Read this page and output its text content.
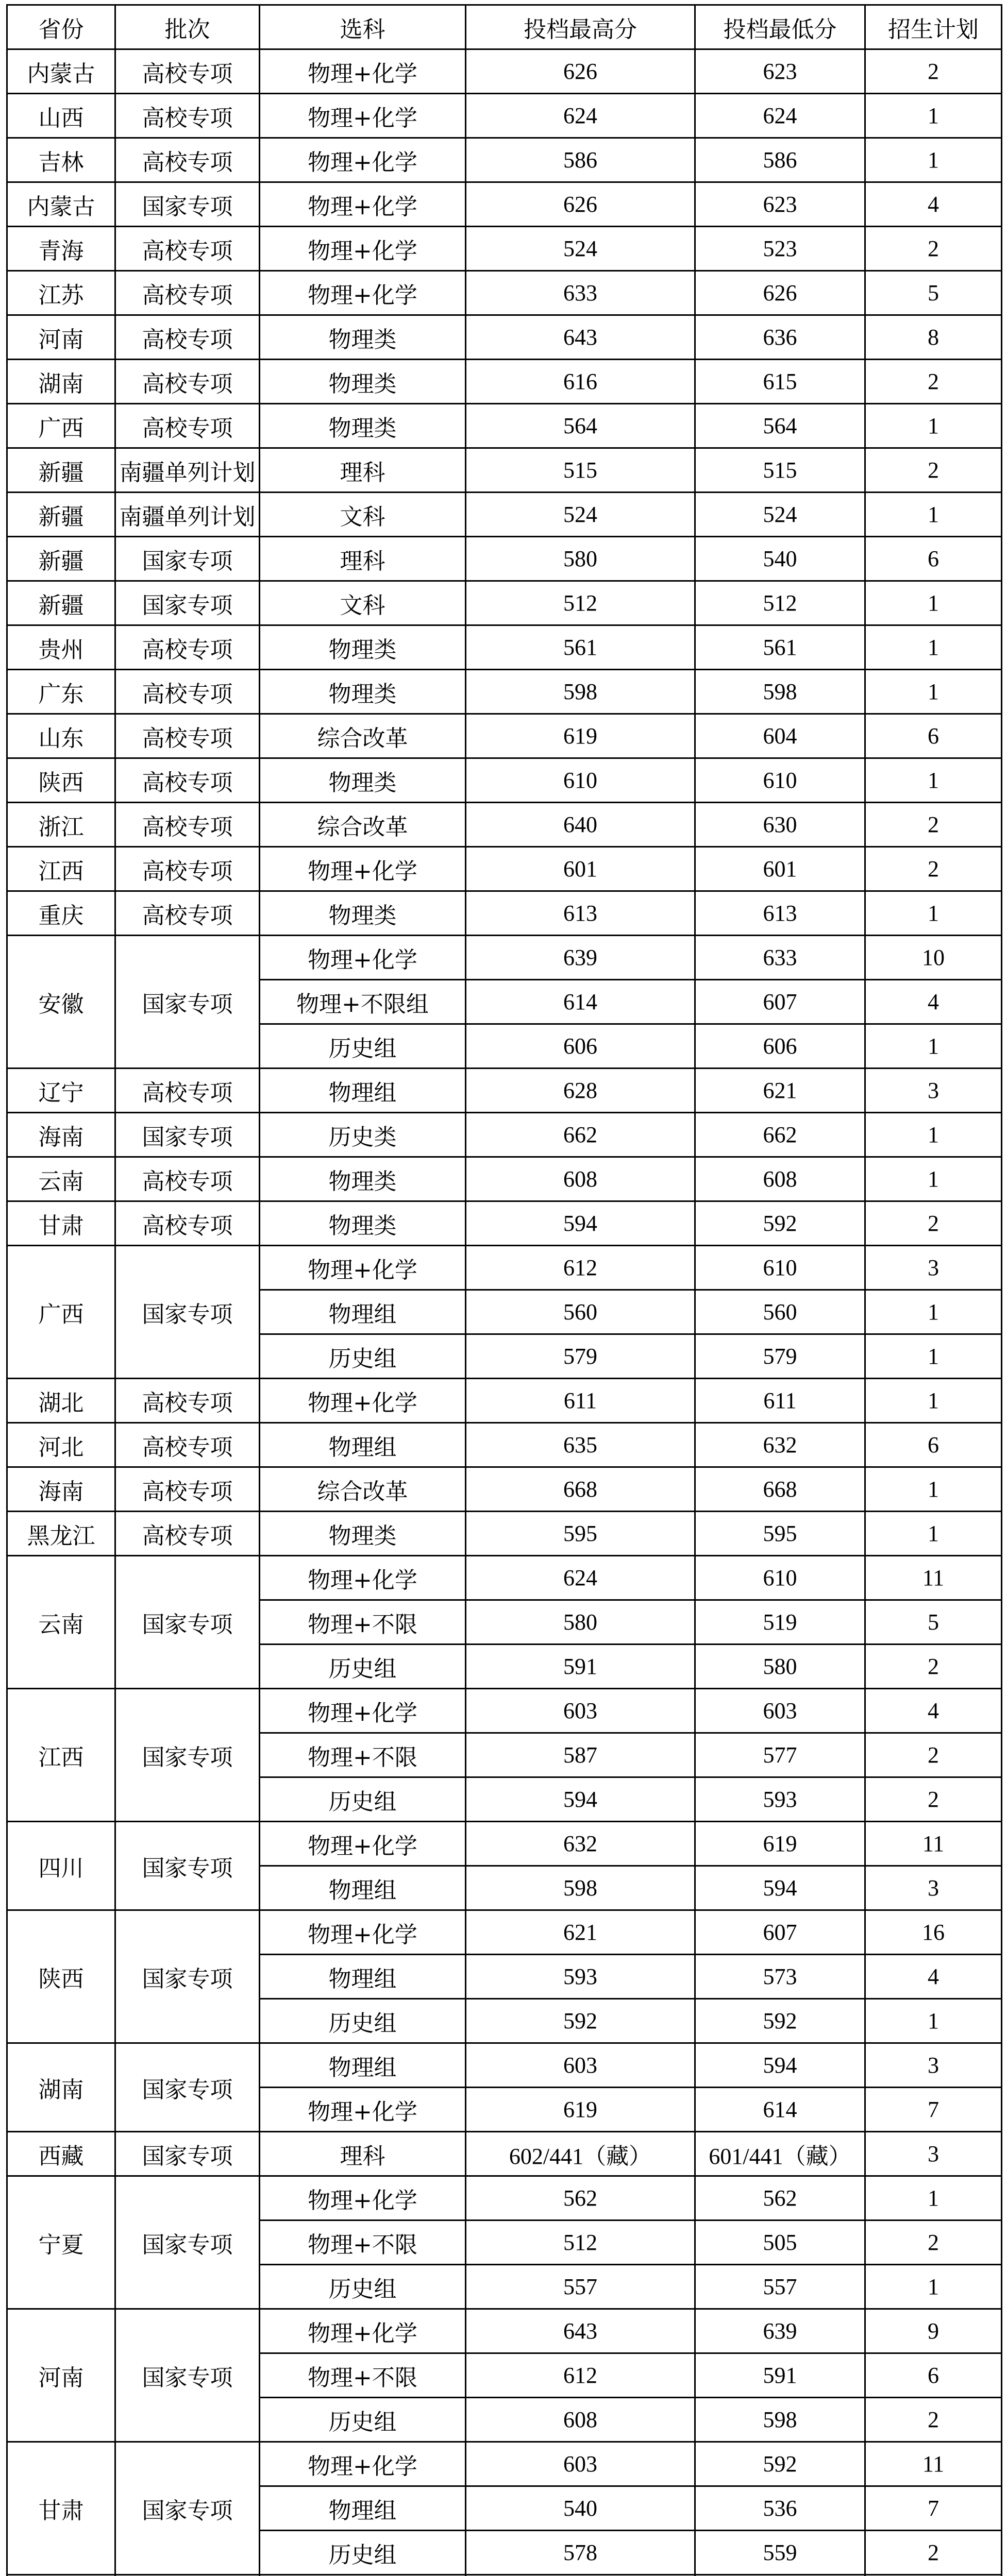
省份	批次	选科	投档最高分	投档最低分	招生计划
内蒙古	高校专项	物理+化学	626	623	2
山西	高校专项	物理+化学	624	624	1
吉林	高校专项	物理+化学	586	586	1
内蒙古	国家专项	物理+化学	626	623	4
青海	高校专项	物理+化学	524	523	2
江苏	高校专项	物理+化学	633	626	5
河南	高校专项	物理类	643	636	8
湖南	高校专项	物理类	616	615	2
广西	高校专项	物理类	564	564	1
新疆	南疆单列计划	理科	515	515	2
新疆	南疆单列计划	文科	524	524	1
新疆	国家专项	理科	580	540	6
新疆	国家专项	文科	512	512	1
贵州	高校专项	物理类	561	561	1
广东	高校专项	物理类	598	598	1
山东	高校专项	综合改革	619	604	6
陕西	高校专项	物理类	610	610	1
浙江	高校专项	综合改革	640	630	2
江西	高校专项	物理+化学	601	601	2
重庆	高校专项	物理类	613	613	1
安徽	国家专项	物理+化学	639	633	10
		物理+不限组	614	607	4
		历史组	606	606	1
辽宁	高校专项	物理组	628	621	3
海南	国家专项	历史类	662	662	1
云南	高校专项	物理类	608	608	1
甘肃	高校专项	物理类	594	592	2
广西	国家专项	物理+化学	612	610	3
		物理组	560	560	1
		历史组	579	579	1
湖北	高校专项	物理+化学	611	611	1
河北	高校专项	物理组	635	632	6
海南	高校专项	综合改革	668	668	1
黑龙江	高校专项	物理类	595	595	1
云南	国家专项	物理+化学	624	610	11
		物理+不限	580	519	5
		历史组	591	580	2
江西	国家专项	物理+化学	603	603	4
		物理+不限	587	577	2
		历史组	594	593	2
四川	国家专项	物理+化学	632	619	11
		物理组	598	594	3
陕西	国家专项	物理+化学	621	607	16
		物理组	593	573	4
		历史组	592	592	1
湖南	国家专项	物理组	603	594	3
		物理+化学	619	614	7
西藏	国家专项	理科	602/441（藏）	601/441（藏）	3
宁夏	国家专项	物理+化学	562	562	1
		物理+不限	512	505	2
		历史组	557	557	1
河南	国家专项	物理+化学	643	639	9
		物理+不限	612	591	6
		历史组	608	598	2
甘肃	国家专项	物理+化学	603	592	11
		物理组	540	536	7
		历史组	578	559	2
